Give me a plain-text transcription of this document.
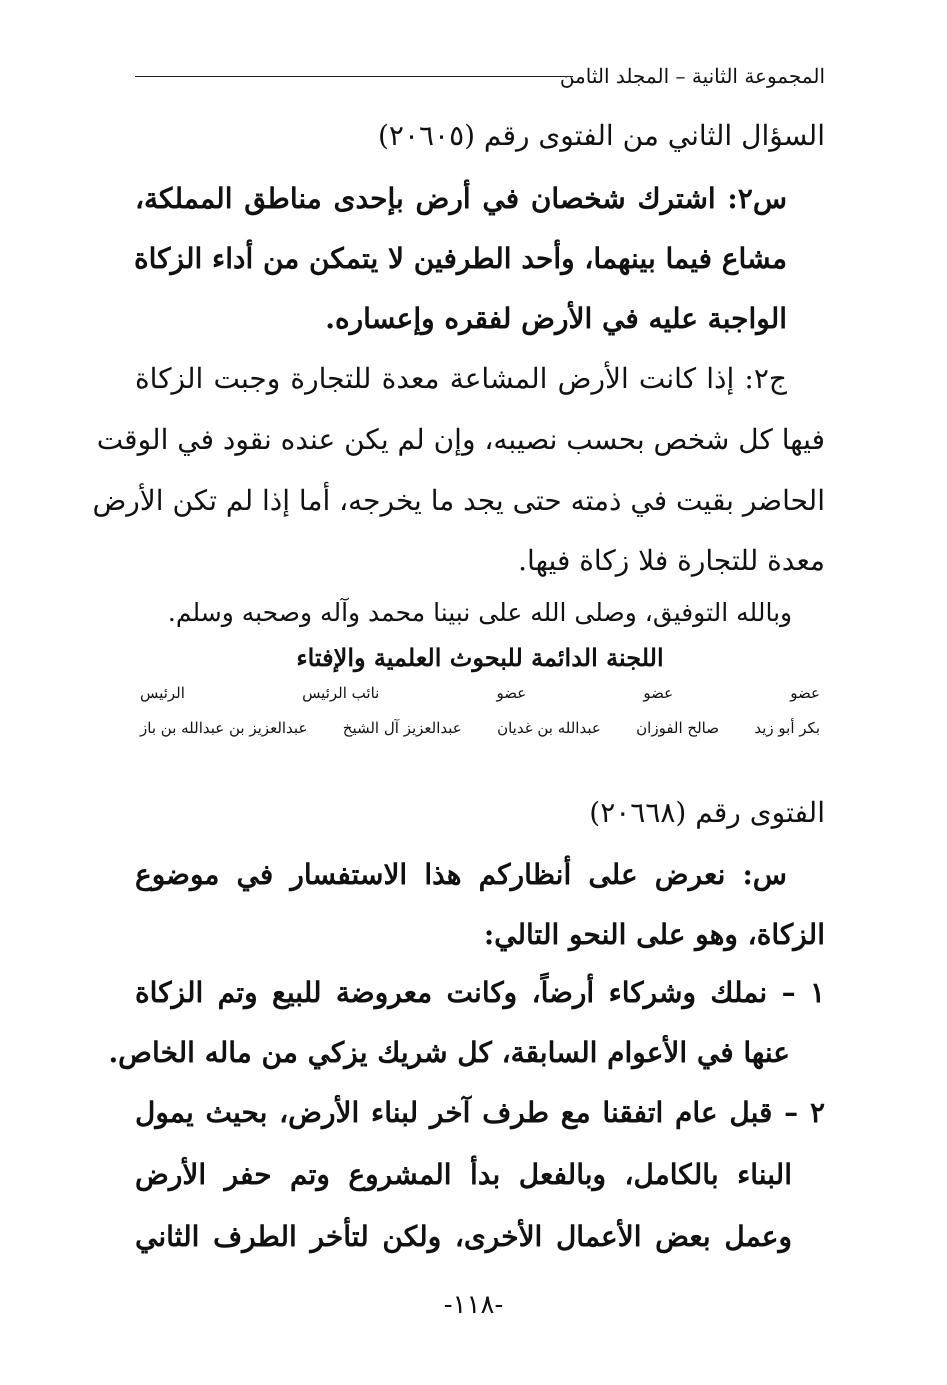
المجموعة الثانية – المجلد الثامن
السؤال الثاني من الفتوى رقم (٢٠٦٠٥)
س٢: اشترك شخصان في أرض بإحدى مناطق المملكة،
مشاع فيما بينهما، وأحد الطرفين لا يتمكن من أداء الزكاة
الواجبة عليه في الأرض لفقره وإعساره.
ج٢: إذا كانت الأرض المشاعة معدة للتجارة وجبت الزكاة
فيها كل شخص بحسب نصيبه، وإن لم يكن عنده نقود في الوقت
الحاضر بقيت في ذمته حتى يجد ما يخرجه، أما إذا لم تكن الأرض
معدة للتجارة فلا زكاة فيها.
وبالله التوفيق، وصلى الله على نبينا محمد وآله وصحبه وسلم.
اللجنة الدائمة للبحوث العلمية والإفتاء
عضو
عضو
عضو
نائب الرئيس
الرئيس
بكر أبو زيد
صالح الفوزان
عبدالله بن غديان
عبدالعزيز آل الشيخ
عبدالعزيز بن عبدالله بن باز
الفتوى رقم (٢٠٦٦٨)
س: نعرض على أنظاركم هذا الاستفسار في موضوع
الزكاة، وهو على النحو التالي:
١ – نملك وشركاء أرضاً، وكانت معروضة للبيع وتم الزكاة
عنها في الأعوام السابقة، كل شريك يزكي من ماله الخاص.
٢ – قبل عام اتفقنا مع طرف آخر لبناء الأرض، بحيث يمول
البناء بالكامل، وبالفعل بدأ المشروع وتم حفر الأرض
وعمل بعض الأعمال الأخرى، ولكن لتأخر الطرف الثاني
-١١٨-
